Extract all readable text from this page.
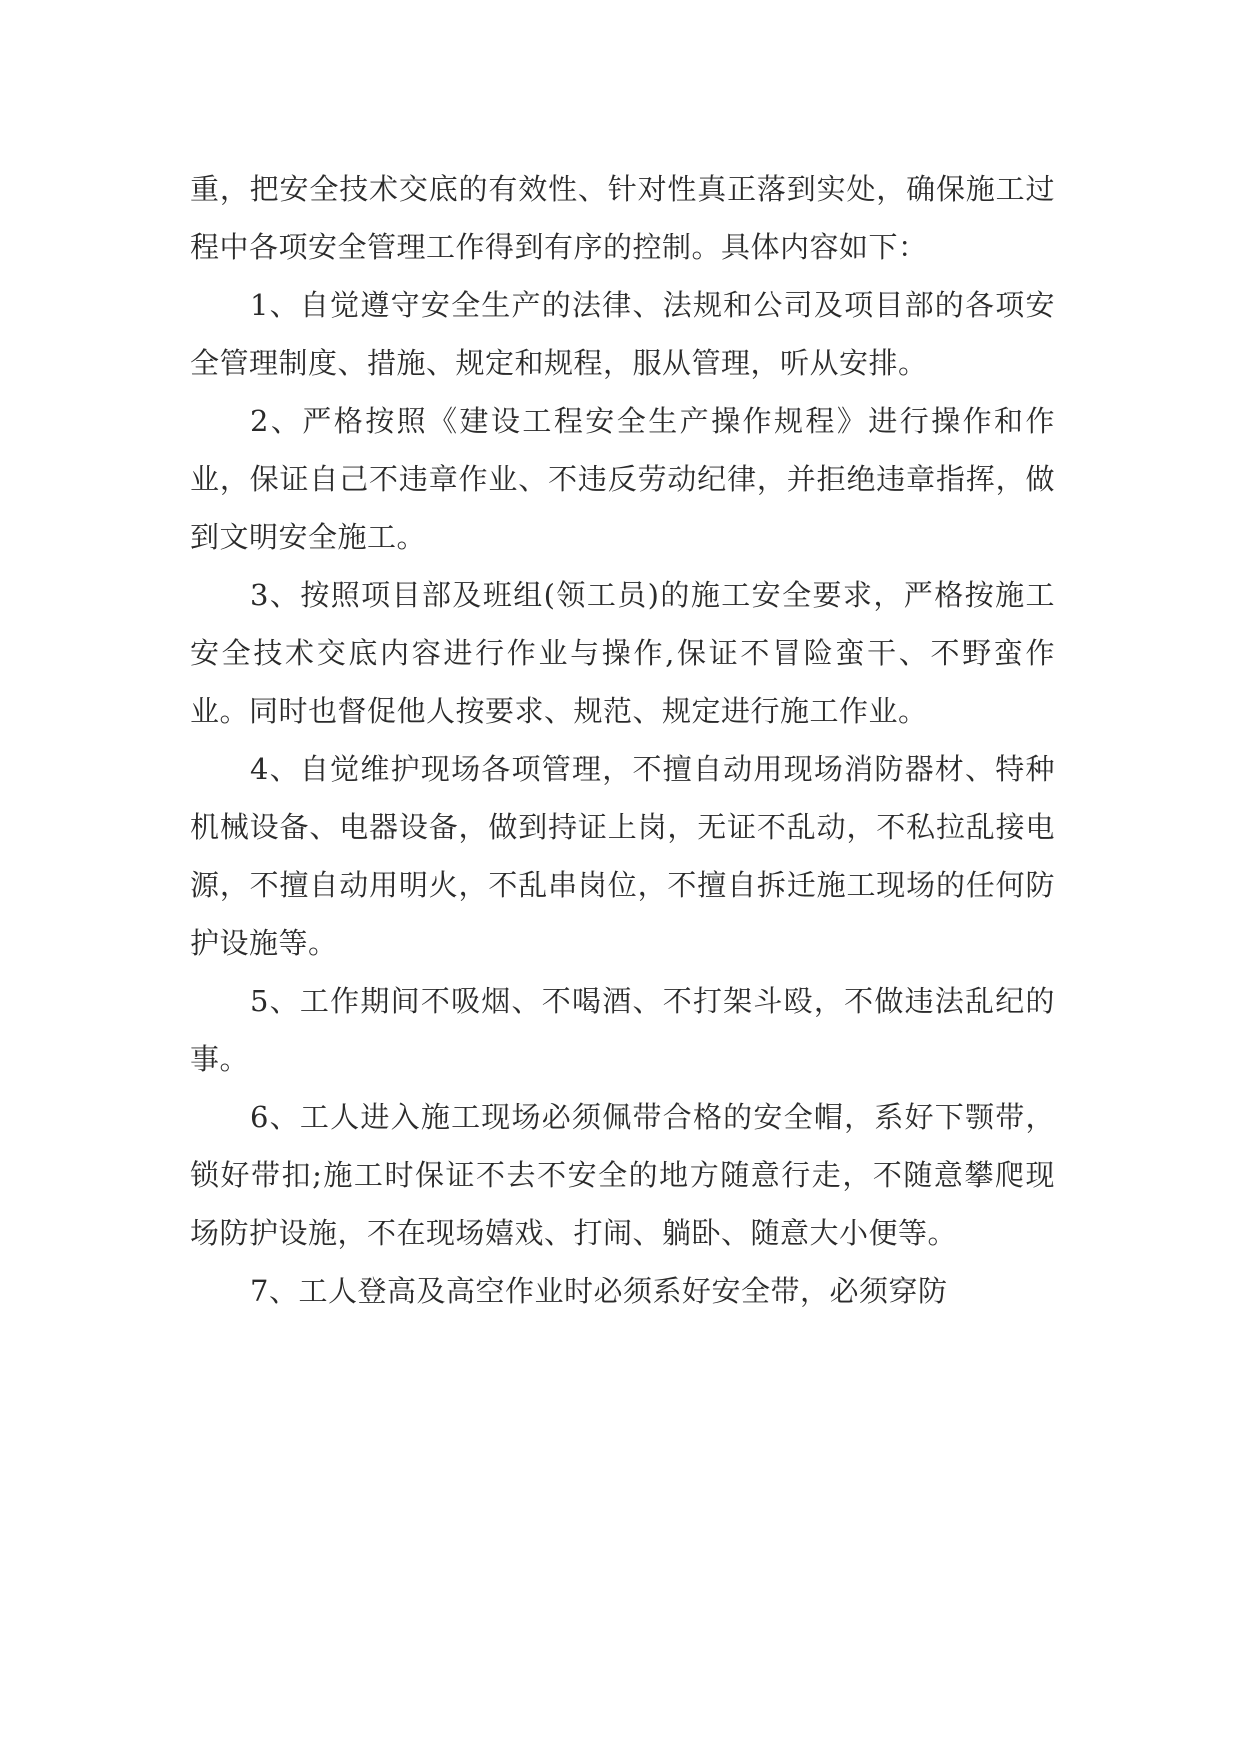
重，把安全技术交底的有效性、针对性真正落到实处，确保施工过程中各项安全管理工作得到有序的控制。具体内容如下：

1、自觉遵守安全生产的法律、法规和公司及项目部的各项安全管理制度、措施、规定和规程，服从管理，听从安排。

2、严格按照《建设工程安全生产操作规程》进行操作和作业，保证自己不违章作业、不违反劳动纪律，并拒绝违章指挥，做到文明安全施工。

3、按照项目部及班组(领工员)的施工安全要求，严格按施工安全技术交底内容进行作业与操作,保证不冒险蛮干、不野蛮作业。同时也督促他人按要求、规范、规定进行施工作业。

4、自觉维护现场各项管理，不擅自动用现场消防器材、特种机械设备、电器设备，做到持证上岗，无证不乱动，不私拉乱接电源，不擅自动用明火，不乱串岗位，不擅自拆迁施工现场的任何防护设施等。

5、工作期间不吸烟、不喝酒、不打架斗殴，不做违法乱纪的事。

6、工人进入施工现场必须佩带合格的安全帽，系好下颚带，锁好带扣;施工时保证不去不安全的地方随意行走，不随意攀爬现场防护设施，不在现场嬉戏、打闹、躺卧、随意大小便等。

7、工人登高及高空作业时必须系好安全带，必须穿防
